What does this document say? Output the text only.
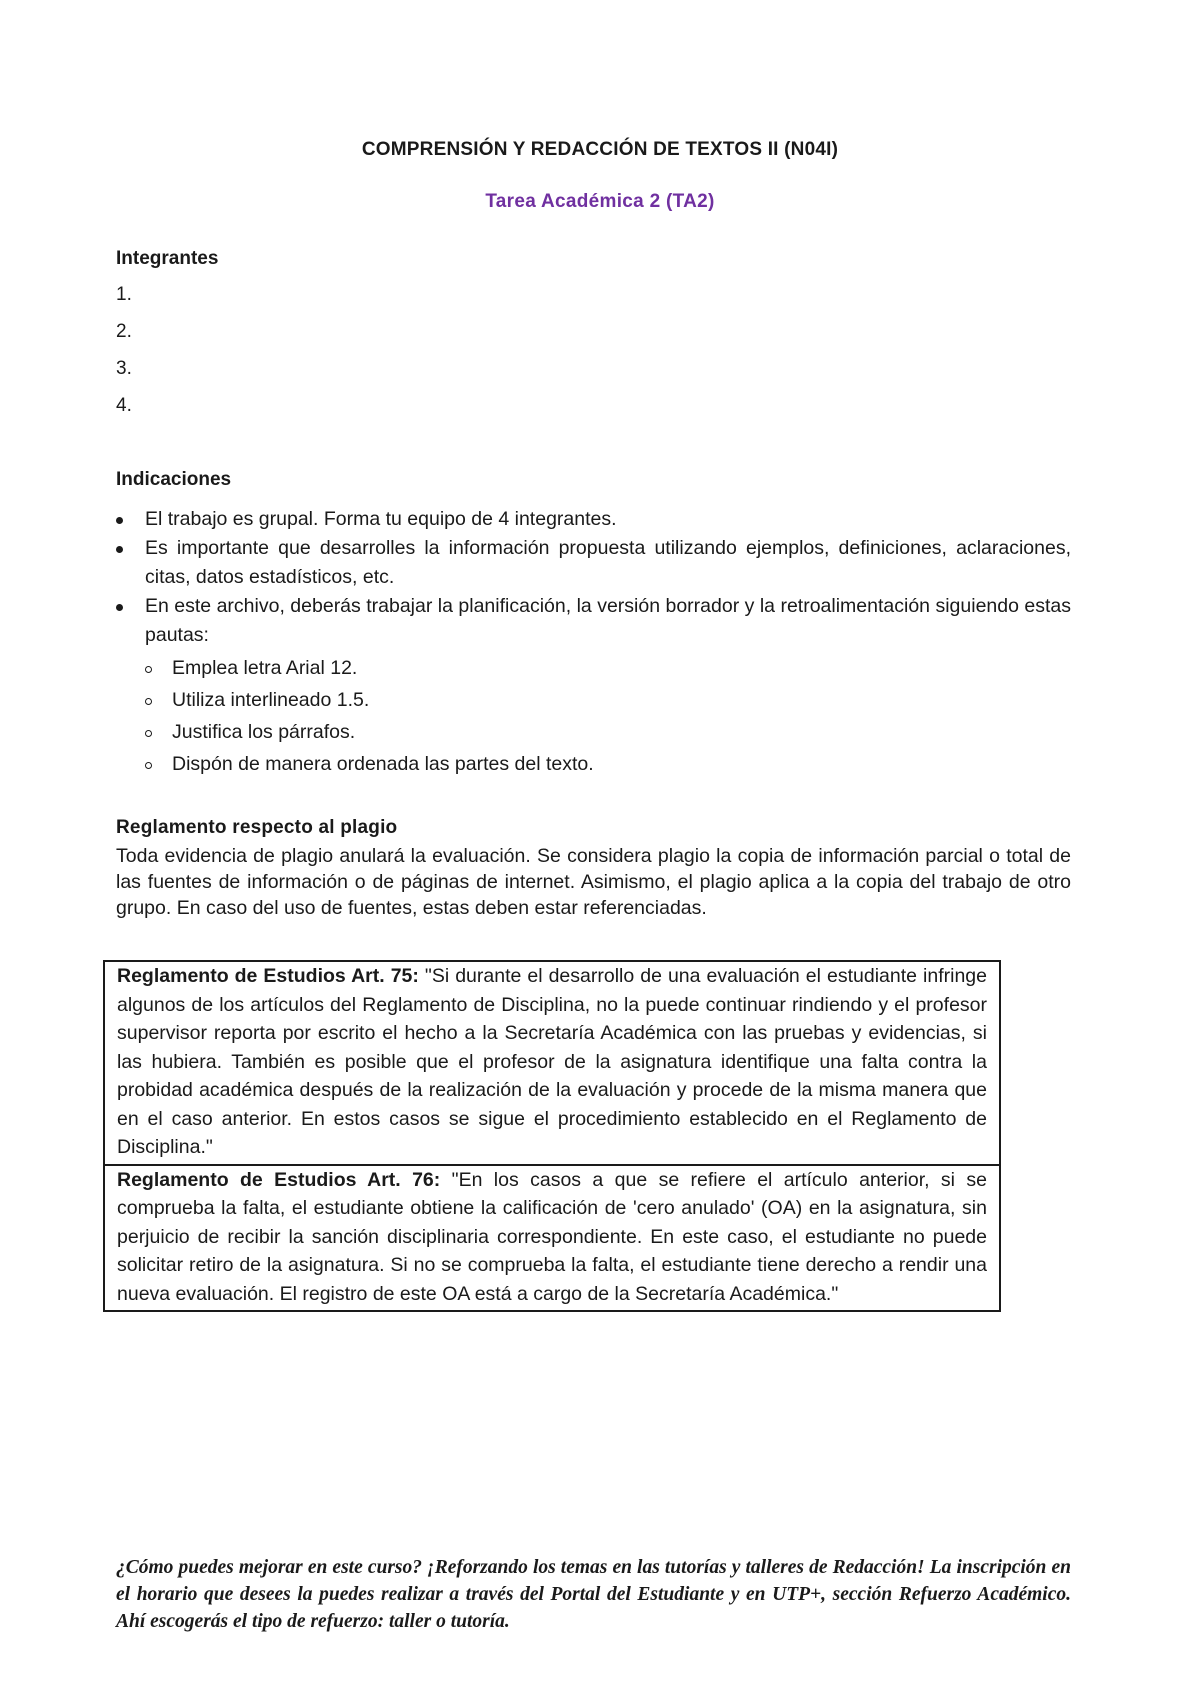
COMPRENSIÓN Y REDACCIÓN DE TEXTOS II (N04I)
Tarea Académica 2 (TA2)
Integrantes
1.
2.
3.
4.
Indicaciones
El trabajo es grupal. Forma tu equipo de 4 integrantes.
Es importante que desarrolles la información propuesta utilizando ejemplos, definiciones, aclaraciones, citas, datos estadísticos, etc.
En este archivo, deberás trabajar la planificación, la versión borrador y la retroalimentación siguiendo estas pautas:
Emplea letra Arial 12.
Utiliza interlineado 1.5.
Justifica los párrafos.
Dispón de manera ordenada las partes del texto.
Reglamento respecto al plagio

Toda evidencia de plagio anulará la evaluación. Se considera plagio la copia de información parcial o total de las fuentes de información o de páginas de internet. Asimismo, el plagio aplica a la copia del trabajo de otro grupo. En caso del uso de fuentes, estas deben estar referenciadas.

Reglamento de Estudios Art. 75: "Si durante el desarrollo de una evaluación el estudiante infringe algunos de los artículos del Reglamento de Disciplina, no la puede continuar rindiendo y el profesor supervisor reporta por escrito el hecho a la Secretaría Académica con las pruebas y evidencias, si las hubiera. También es posible que el profesor de la asignatura identifique una falta contra la probidad académica después de la realización de la evaluación y procede de la misma manera que en el caso anterior. En estos casos se sigue el procedimiento establecido en el Reglamento de Disciplina."
Reglamento de Estudios Art. 76: "En los casos a que se refiere el artículo anterior, si se comprueba la falta, el estudiante obtiene la calificación de 'cero anulado' (OA) en la asignatura, sin perjuicio de recibir la sanción disciplinaria correspondiente. En este caso, el estudiante no puede solicitar retiro de la asignatura. Si no se comprueba la falta, el estudiante tiene derecho a rendir una nueva evaluación. El registro de este OA está a cargo de la Secretaría Académica."

¿Cómo puedes mejorar en este curso? ¡Reforzando los temas en las tutorías y talleres de Redacción! La inscripción en el horario que desees la puedes realizar a través del Portal del Estudiante y en UTP+, sección Refuerzo Académico. Ahí escogerás el tipo de refuerzo: taller o tutoría.
